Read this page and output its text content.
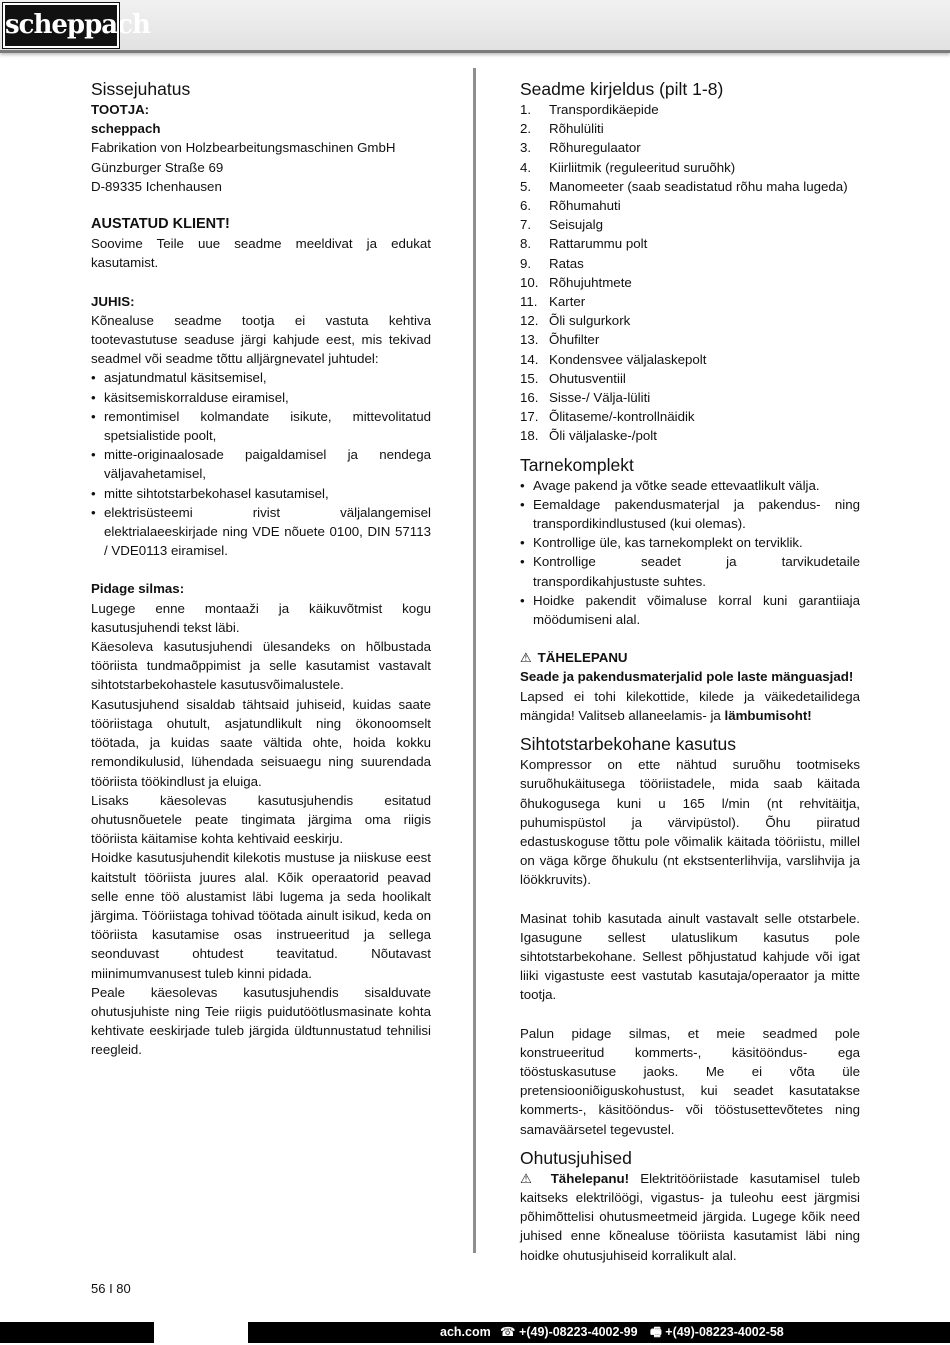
scheppach
Sissejuhatus

TOOTJA:

scheppach

Fabrikation von Holzbearbeitungsmaschinen GmbH

Günzburger Straße 69

D-89335 Ichenhausen

AUSTATUD KLIENT!

Soovime Teile uue seadme meeldivat ja edukat kasutamist.

JUHIS:

Kõnealuse seadme tootja ei vastuta kehtiva tootevastutuse seaduse järgi kahjude eest, mis tekivad seadmel või seadme tõttu alljärgnevatel juhtudel:

• asjatundmatul käsitsemisel,
• käsitsemiskorralduse eiramisel,
• remontimisel kolmandate isikute, mittevolitatud spetsialistide poolt,
• mitte-originaalosade paigaldamisel ja nendega väljavahetamisel,
• mitte sihtotstarbekohasel kasutamisel,
• elektrisüsteemi rivist väljalangemisel elektrialaeeskirjade ning VDE nõuete 0100, DIN 57113 / VDE0113 eiramisel.

Pidage silmas:

Lugege enne montaaži ja käikuvõtmist kogu kasutusjuhendi tekst läbi.

Käesoleva kasutusjuhendi ülesandeks on hõlbustada tööriista tundmaõppimist ja selle kasutamist vastavalt sihtotstarbekohastele kasutusvõimalustele.

Kasutusjuhend sisaldab tähtsaid juhiseid, kuidas saate tööriistaga ohutult, asjatundlikult ning ökonoomselt töötada, ja kuidas saate vältida ohte, hoida kokku remondikulusid, lühendada seisuaegu ning suurendada tööriista töökindlust ja eluiga.

Lisaks käesolevas kasutusjuhendis esitatud ohutusnõuetele peate tingimata järgima oma riigis tööriista käitamise kohta kehtivaid eeskirju.

Hoidke kasutusjuhendit kilekotis mustuse ja niiskuse eest kaitstult tööriista juures alal. Kõik operaatorid peavad selle enne töö alustamist läbi lugema ja seda hoolikalt järgima. Tööriistaga tohivad töötada ainult isikud, keda on tööriista kasutamise osas instrueeritud ja sellega seonduvast ohtudest teavitatud. Nõutavast miinimumvanusest tuleb kinni pidada.

Peale käesolevas kasutusjuhendis sisalduvate ohutusjuhiste ning Teie riigis puidutöötlusmasinate kohta kehtivate eeskirjade tuleb järgida üldtunnustatud tehnilisi reegleid.

Seadme kirjeldus (pilt 1-8)
1. Transpordikäepide
2. Rõhulüliti
3. Rõhuregulaator
4. Kiirliitmik (reguleeritud suruõhk)
5. Manomeeter (saab seadistatud rõhu maha lugeda)
6. Rõhumahuti
7. Seisujalg
8. Rattarummu polt
9. Ratas
10. Rõhujuhtmete
11. Karter
12. Õli sulgurkork
13. Õhufilter
14. Kondensvee väljalaskepolt
15. Ohutusventiil
16. Sisse-/ Välja-lüliti
17. Õlitaseme/-kontrollnäidik
18. Õli väljalaske-/polt
Tarnekomplekt
• Avage pakend ja võtke seade ettevaatlikult välja.
• Eemaldage pakendusmaterjal ja pakendus- ning transpordikindlustused (kui olemas).
• Kontrollige üle, kas tarnekomplekt on terviklik.
• Kontrollige seadet ja tarvikudetaile transpordikahjustuste suhtes.
• Hoidke pakendit võimaluse korral kuni garantiiaja möödumiseni alal.
⚠ TÄHELEPANU

Seade ja pakendusmaterjalid pole laste mänguasjad!

Lapsed ei tohi kilekottide, kilede ja väikedetailidega mängida! Valitseb allaneelamis- ja lämbumisoht!

Sihtotstarbekohane kasutus

Kompressor on ette nähtud suruõhu tootmiseks suruõhukäitusega tööriistadele, mida saab käitada õhukogusega kuni u 165 l/min (nt rehvitäitja, puhumispüstol ja värvipüstol). Õhu piiratud edastuskoguse tõttu pole võimalik käitada tööriistu, millel on väga kõrge õhukulu (nt ekstsenterlihvija, varslihvija ja löökkruvits).

Masinat tohib kasutada ainult vastavalt selle otstarbele. Igasugune sellest ulatuslikum kasutus pole sihtotstarbekohane. Sellest põhjustatud kahjude või igat liiki vigastuste eest vastutab kasutaja/operaator ja mitte tootja.

Palun pidage silmas, et meie seadmed pole konstrueeritud kommerts-, käsitööndus- ega tööstuskasutuse jaoks. Me ei võta üle pretensiooniõiguskohustust, kui seadet kasutatakse kommerts-, käsitööndus- või tööstusettevõtetes ning samaväärsetel tegevustel.

Ohutusjuhised

⚠ Tähelepanu! Elektritööriistade kasutamisel tuleb kaitseks elektrilöögi, vigastus- ja tuleohu eest järgmisi põhimõttelisi ohutusmeetmeid järgida. Lugege kõik need juhised enne kõnealuse tööriista kasutamist läbi ning hoidke ohutusjuhiseid korralikult alal.

56 I 80
ach.com ☎ +(49)-08223-4002-99 🖷 +(49)-08223-4002-58
